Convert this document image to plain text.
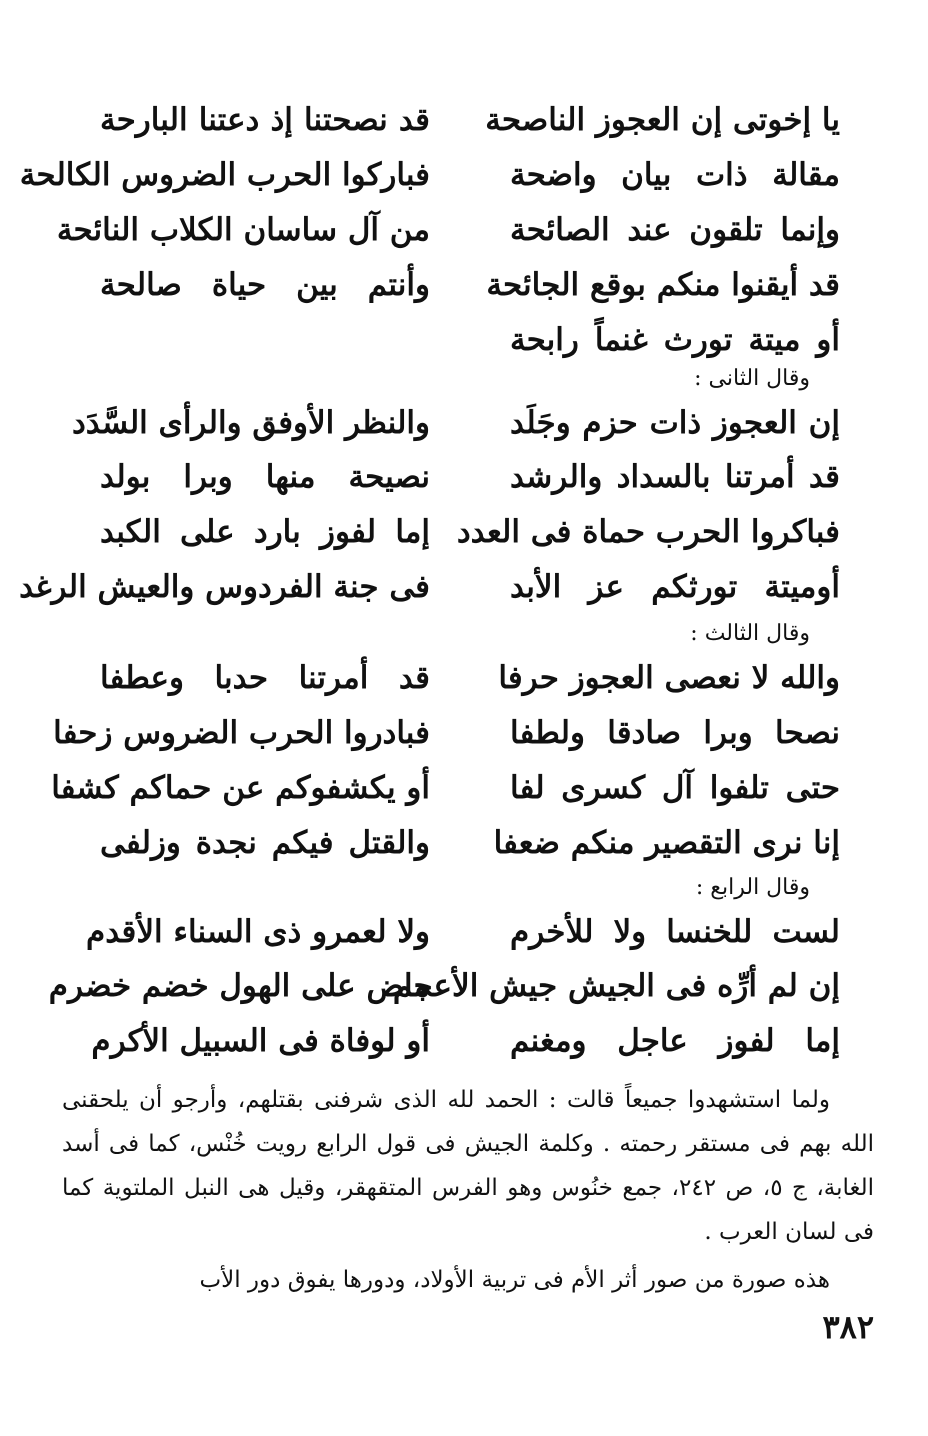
يا إخوتى إن العجوز الناصحة
قد نصحتنا إذ دعتنا البارحة
مقالة ذات بيان واضحة
فباركوا الحرب الضروس الكالحة
وإنما تلقون عند الصائحة
من آل ساسان الكلاب النائحة
قد أيقنوا منكم بوقع الجائحة
وأنتم بين حياة صالحة
أو ميتة تورث غنماً رابحة
وقال الثانى :
إن العجوز ذات حزم وجَلَد
والنظر الأوفق والرأى السَّدَد
قد أمرتنا بالسداد والرشد
نصيحة منها وبرا بولد
فباكروا الحرب حماة فى العدد
إما لفوز بارد على الكبد
أوميتة تورثكم عز الأبد
فى جنة الفردوس والعيش الرغد
وقال الثالث :
والله لا نعصى العجوز حرفا
قد أمرتنا حدبا وعطفا
نصحا وبرا صادقا ولطفا
فبادروا الحرب الضروس زحفا
حتى تلفوا آل كسرى لفا
أو يكشفوكم عن حماكم كشفا
إنا نرى التقصير منكم ضعفا
والقتل فيكم نجدة وزلفى
وقال الرابع :
لست للخنسا ولا للأخرم
ولا لعمرو ذى السناء الأقدم
إن لم أرِّه فى الجيش جيش الأعجم
ماض على الهول خضم خضرم
إما لفوز عاجل ومغنم
أو لوفاة فى السبيل الأكرم
ولما استشهدوا جميعاً قالت : الحمد لله الذى شرفنى بقتلهم، وأرجو أن يلحقنى الله بهم فى مستقر رحمته . وكلمة الجيش فى قول الرابع رويت خُنْس، كما فى أسد الغابة، ج ٥، ص ٢٤٢، جمع خنُوس وهو الفرس المتقهقر، وقيل هى النبل الملتوية كما فى لسان العرب .
هذه صورة من صور أثر الأم فى تربية الأولاد، ودورها يفوق دور الأب
٣٨٢
